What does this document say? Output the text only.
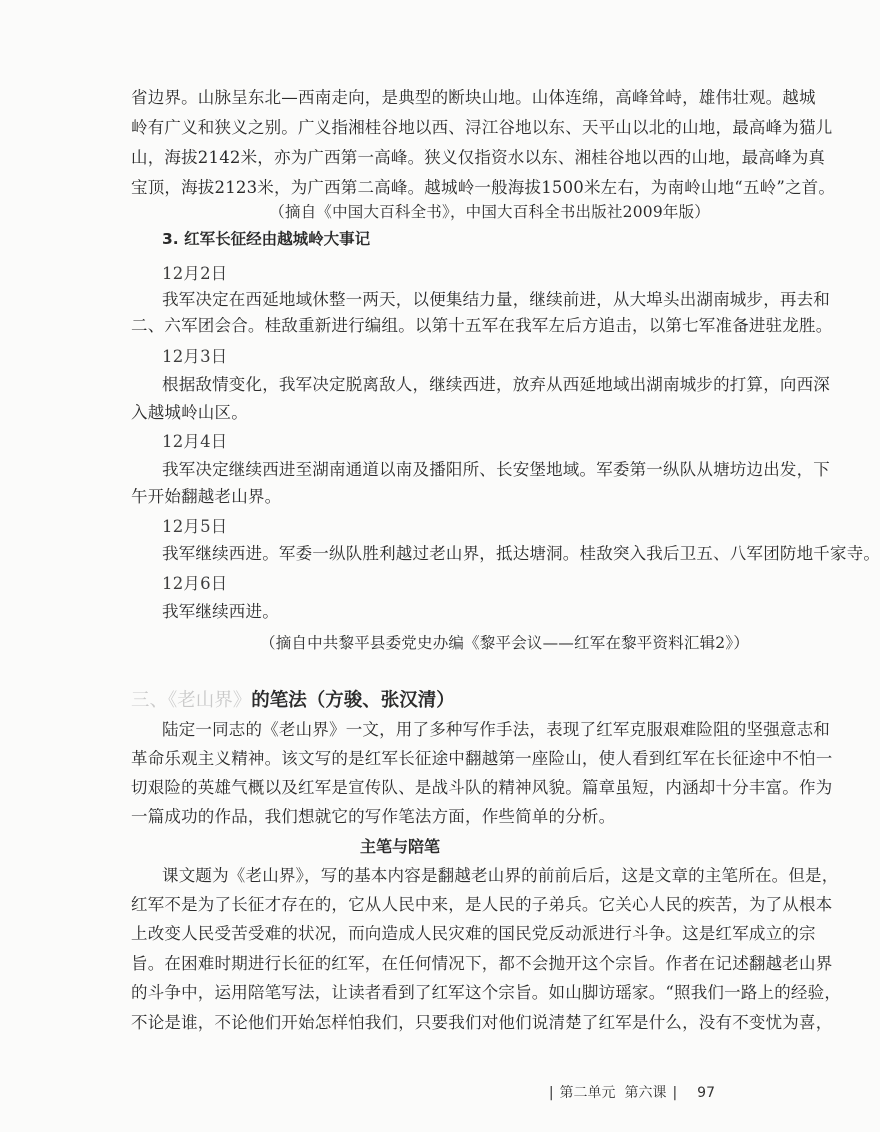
省边界。山脉呈东北—西南走向，是典型的断块山地。山体连绵，高峰耸峙，雄伟壮观。越城
岭有广义和狭义之别。广义指湘桂谷地以西、浔江谷地以东、天平山以北的山地，最高峰为猫儿
山，海拔2142米，亦为广西第一高峰。狭义仅指资水以东、湘桂谷地以西的山地，最高峰为真
宝顶，海拔2123米，为广西第二高峰。越城岭一般海拔1500米左右，为南岭山地“五岭”之首。
（摘自《中国大百科全书》，中国大百科全书出版社2009年版）
3. 红军长征经由越城岭大事记
12月2日
我军决定在西延地域休整一两天，以便集结力量，继续前进，从大埠头出湖南城步，再去和
二、六军团会合。桂敌重新进行编组。以第十五军在我军左后方追击，以第七军准备进驻龙胜。
12月3日
根据敌情变化，我军决定脱离敌人，继续西进，放弃从西延地域出湖南城步的打算，向西深
入越城岭山区。
12月4日
我军决定继续西进至湖南通道以南及播阳所、长安堡地域。军委第一纵队从塘坊边出发，下
午开始翻越老山界。
12月5日
我军继续西进。军委一纵队胜利越过老山界，抵达塘洞。桂敌突入我后卫五、八军团防地千家寺。
12月6日
我军继续西进。
（摘自中共黎平县委党史办编《黎平会议——红军在黎平资料汇辑2》）
三、《老山界》的笔法（方骏、张汉清）
陆定一同志的《老山界》一文，用了多种写作手法，表现了红军克服艰难险阻的坚强意志和
革命乐观主义精神。该文写的是红军长征途中翻越第一座险山，使人看到红军在长征途中不怕一
切艰险的英雄气概以及红军是宣传队、是战斗队的精神风貌。篇章虽短，内涵却十分丰富。作为
一篇成功的作品，我们想就它的写作笔法方面，作些简单的分析。
主笔与陪笔
课文题为《老山界》，写的基本内容是翻越老山界的前前后后，这是文章的主笔所在。但是，
红军不是为了长征才存在的，它从人民中来，是人民的子弟兵。它关心人民的疾苦，为了从根本
上改变人民受苦受难的状况，而向造成人民灾难的国民党反动派进行斗争。这是红军成立的宗
旨。在困难时期进行长征的红军，在任何情况下，都不会抛开这个宗旨。作者在记述翻越老山界
的斗争中，运用陪笔写法，让读者看到了红军这个宗旨。如山脚访瑶家。“照我们一路上的经验，
不论是谁，不论他们开始怎样怕我们，只要我们对他们说清楚了红军是什么，没有不变忧为喜，
| 第二单元 第六课 | 97
